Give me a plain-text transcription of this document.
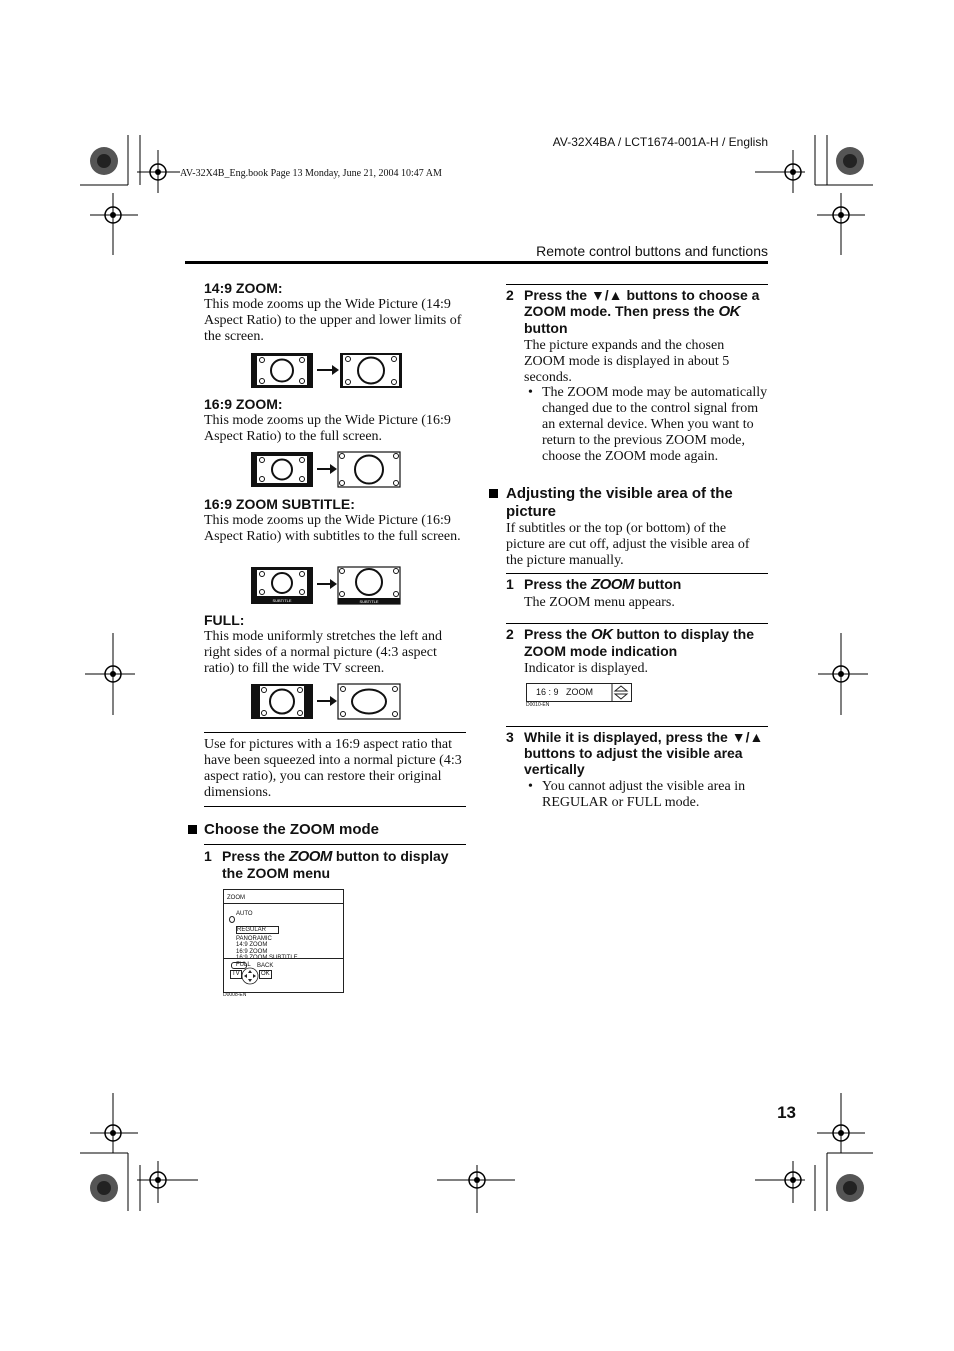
AV-32X4BA / LCT1674-001A-H / English
AV-32X4B_Eng.book Page 13 Monday, June 21, 2004 10:47 AM
Remote control buttons and functions
14:9 ZOOM:
This mode zooms up the Wide Picture (14:9 Aspect Ratio) to the upper and lower limits of the screen.
16:9 ZOOM:
This mode zooms up the Wide Picture (16:9 Aspect Ratio) to the full screen.
16:9 ZOOM SUBTITLE:
This mode zooms up the Wide Picture (16:9 Aspect Ratio) with subtitles to the full screen.
SUBTITLE	SUBTITLE
FULL:
This mode uniformly stretches the left and right sides of a normal picture (4:3 aspect ratio) to fill the wide TV screen.
Use for pictures with a 16:9 aspect ratio that have been squeezed into a normal picture (4:3 aspect ratio), you can restore their original dimensions.
Choose the ZOOM mode
1 Press the ZOOM button to display the ZOOM menu
ZOOM
AUTO
REGULAR
PANORAMIC
14:9 ZOOM
16:9 ZOOM
16:9 ZOOM SUBTITLE
FULL	BACK
TV	OK
D0008-EN
2 Press the ▼/▲ buttons to choose a ZOOM mode. Then press the OK button
The picture expands and the chosen ZOOM mode is displayed in about 5 seconds.
• The ZOOM mode may be automatically changed due to the control signal from an external device. When you want to return to the previous ZOOM mode, choose the ZOOM mode again.
Adjusting the visible area of the picture
If subtitles or the top (or bottom) of the picture are cut off, adjust the visible area of the picture manually.
1 Press the ZOOM button
The ZOOM menu appears.
2 Press the OK button to display the ZOOM mode indication
Indicator is displayed.
16 : 9   ZOOM
D0010-EN
3 While it is displayed, press the ▼/▲ buttons to adjust the visible area vertically
• You cannot adjust the visible area in REGULAR or FULL mode.
13
